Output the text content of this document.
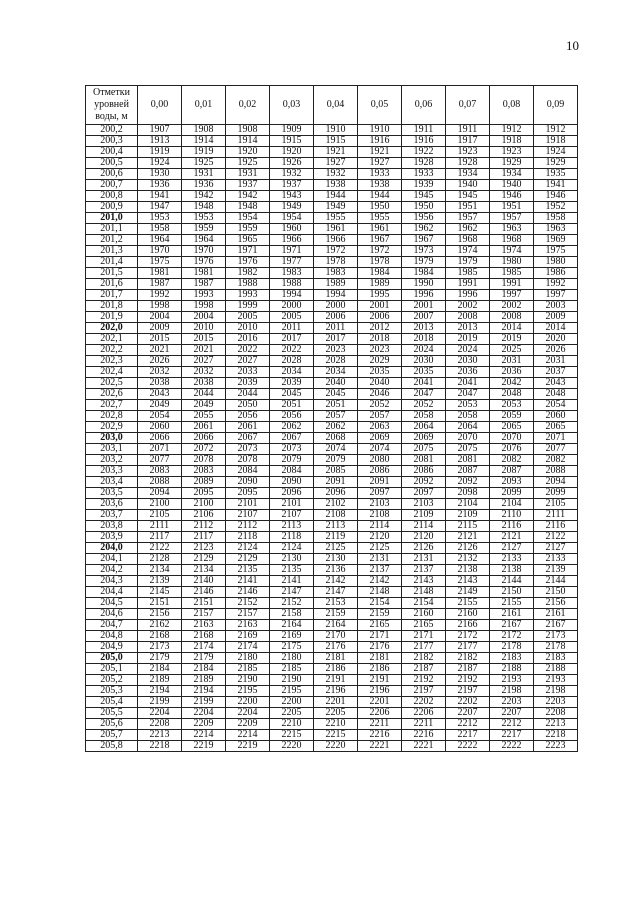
10
Отметки уровней воды, м	0,00	0,01	0,02	0,03	0,04	0,05	0,06	0,07	0,08	0,09
200,2	1907	1908	1908	1909	1910	1910	1911	1911	1912	1912
200,3	1913	1914	1914	1915	1915	1916	1916	1917	1918	1918
200,4	1919	1919	1920	1920	1921	1921	1922	1923	1923	1924
200,5	1924	1925	1925	1926	1927	1927	1928	1928	1929	1929
200,6	1930	1931	1931	1932	1932	1933	1933	1934	1934	1935
200,7	1936	1936	1937	1937	1938	1938	1939	1940	1940	1941
200,8	1941	1942	1942	1943	1944	1944	1945	1945	1946	1946
200,9	1947	1948	1948	1949	1949	1950	1950	1951	1951	1952
201,0	1953	1953	1954	1954	1955	1955	1956	1957	1957	1958
201,1	1958	1959	1959	1960	1961	1961	1962	1962	1963	1963
201,2	1964	1964	1965	1966	1966	1967	1967	1968	1968	1969
201,3	1970	1970	1971	1971	1972	1972	1973	1974	1974	1975
201,4	1975	1976	1976	1977	1978	1978	1979	1979	1980	1980
201,5	1981	1981	1982	1983	1983	1984	1984	1985	1985	1986
201,6	1987	1987	1988	1988	1989	1989	1990	1991	1991	1992
201,7	1992	1993	1993	1994	1994	1995	1996	1996	1997	1997
201,8	1998	1998	1999	2000	2000	2001	2001	2002	2002	2003
201,9	2004	2004	2005	2005	2006	2006	2007	2008	2008	2009
202,0	2009	2010	2010	2011	2011	2012	2013	2013	2014	2014
202,1	2015	2015	2016	2017	2017	2018	2018	2019	2019	2020
202,2	2021	2021	2022	2022	2023	2023	2024	2024	2025	2026
202,3	2026	2027	2027	2028	2028	2029	2030	2030	2031	2031
202,4	2032	2032	2033	2034	2034	2035	2035	2036	2036	2037
202,5	2038	2038	2039	2039	2040	2040	2041	2041	2042	2043
202,6	2043	2044	2044	2045	2045	2046	2047	2047	2048	2048
202,7	2049	2049	2050	2051	2051	2052	2052	2053	2053	2054
202,8	2054	2055	2056	2056	2057	2057	2058	2058	2059	2060
202,9	2060	2061	2061	2062	2062	2063	2064	2064	2065	2065
203,0	2066	2066	2067	2067	2068	2069	2069	2070	2070	2071
203,1	2071	2072	2073	2073	2074	2074	2075	2075	2076	2077
203,2	2077	2078	2078	2079	2079	2080	2081	2081	2082	2082
203,3	2083	2083	2084	2084	2085	2086	2086	2087	2087	2088
203,4	2088	2089	2090	2090	2091	2091	2092	2092	2093	2094
203,5	2094	2095	2095	2096	2096	2097	2097	2098	2099	2099
203,6	2100	2100	2101	2101	2102	2103	2103	2104	2104	2105
203,7	2105	2106	2107	2107	2108	2108	2109	2109	2110	2111
203,8	2111	2112	2112	2113	2113	2114	2114	2115	2116	2116
203,9	2117	2117	2118	2118	2119	2120	2120	2121	2121	2122
204,0	2122	2123	2124	2124	2125	2125	2126	2126	2127	2127
204,1	2128	2129	2129	2130	2130	2131	2131	2132	2133	2133
204,2	2134	2134	2135	2135	2136	2137	2137	2138	2138	2139
204,3	2139	2140	2141	2141	2142	2142	2143	2143	2144	2144
204,4	2145	2146	2146	2147	2147	2148	2148	2149	2150	2150
204,5	2151	2151	2152	2152	2153	2154	2154	2155	2155	2156
204,6	2156	2157	2157	2158	2159	2159	2160	2160	2161	2161
204,7	2162	2163	2163	2164	2164	2165	2165	2166	2167	2167
204,8	2168	2168	2169	2169	2170	2171	2171	2172	2172	2173
204,9	2173	2174	2174	2175	2176	2176	2177	2177	2178	2178
205,0	2179	2179	2180	2180	2181	2181	2182	2182	2183	2183
205,1	2184	2184	2185	2185	2186	2186	2187	2187	2188	2188
205,2	2189	2189	2190	2190	2191	2191	2192	2192	2193	2193
205,3	2194	2194	2195	2195	2196	2196	2197	2197	2198	2198
205,4	2199	2199	2200	2200	2201	2201	2202	2202	2203	2203
205,5	2204	2204	2204	2205	2205	2206	2206	2207	2207	2208
205,6	2208	2209	2209	2210	2210	2211	2211	2212	2212	2213
205,7	2213	2214	2214	2215	2215	2216	2216	2217	2217	2218
205,8	2218	2219	2219	2220	2220	2221	2221	2222	2222	2223
